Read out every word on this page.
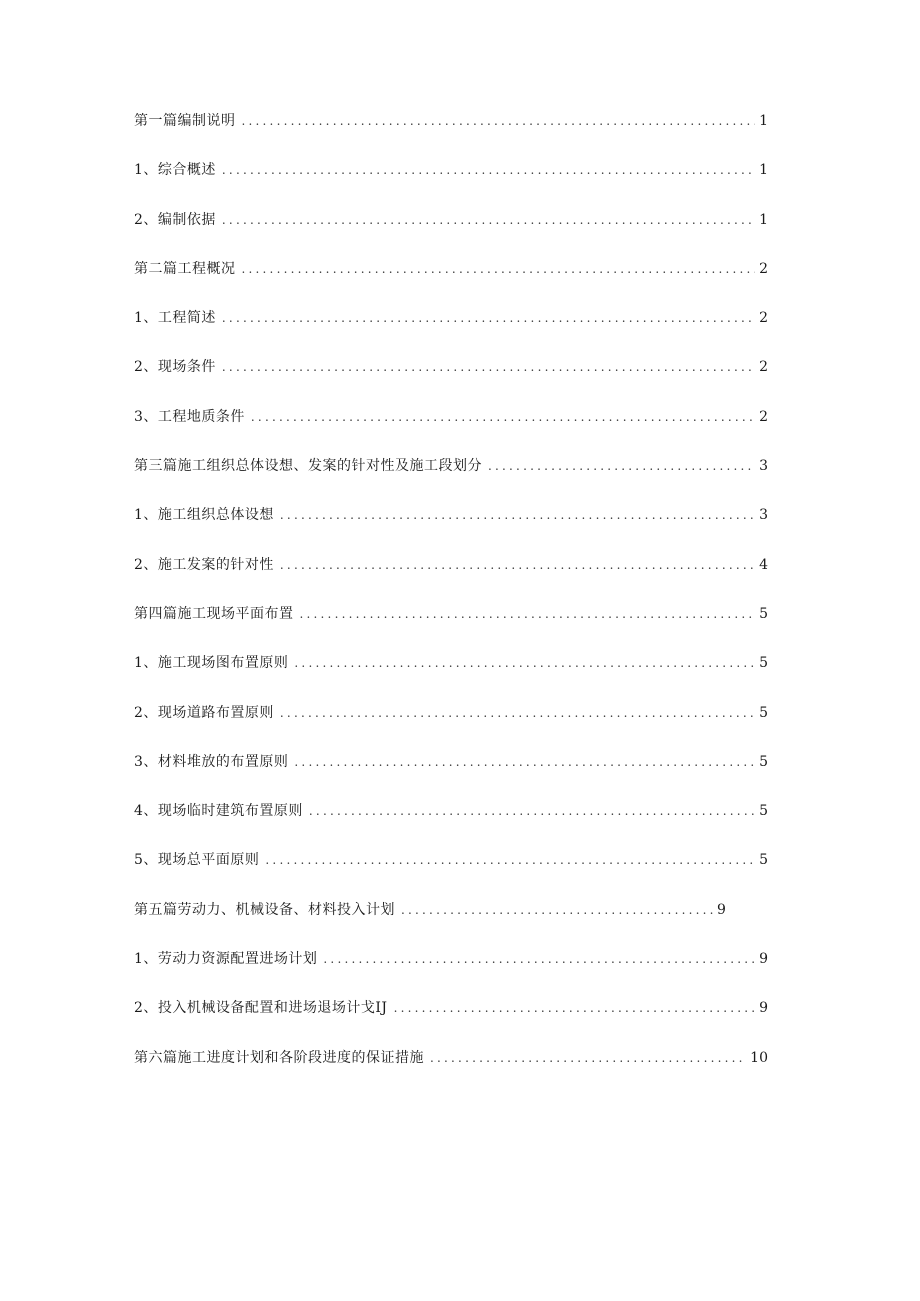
第一篇编制说明 .....	1
1、综合概述 .....	1
2、编制依据 .....	1
第二篇工程概况 .....	2
1、工程简述 .....	2
2、现场条件 .....	2
3、工程地质条件 .....	2
第三篇施工组织总体设想、发案的针对性及施工段划分 .....	3
1、施工组织总体设想 .....	3
2、施工发案的针对性 .....	4
第四篇施工现场平面布置 .....	5
1、施工现场图布置原则 .....	5
2、现场道路布置原则 .....	5
3、材料堆放的布置原则 .....	5
4、现场临时建筑布置原则 .....	5
5、现场总平面原则 .....	5
第五篇劳动力、机械设备、材料投入计划 .....	9
1、劳动力资源配置进场计划 .....	9
2、投入机械设备配置和进场退场计戈IJ .....	9
第六篇施工进度计划和各阶段进度的保证措施 .....	10
